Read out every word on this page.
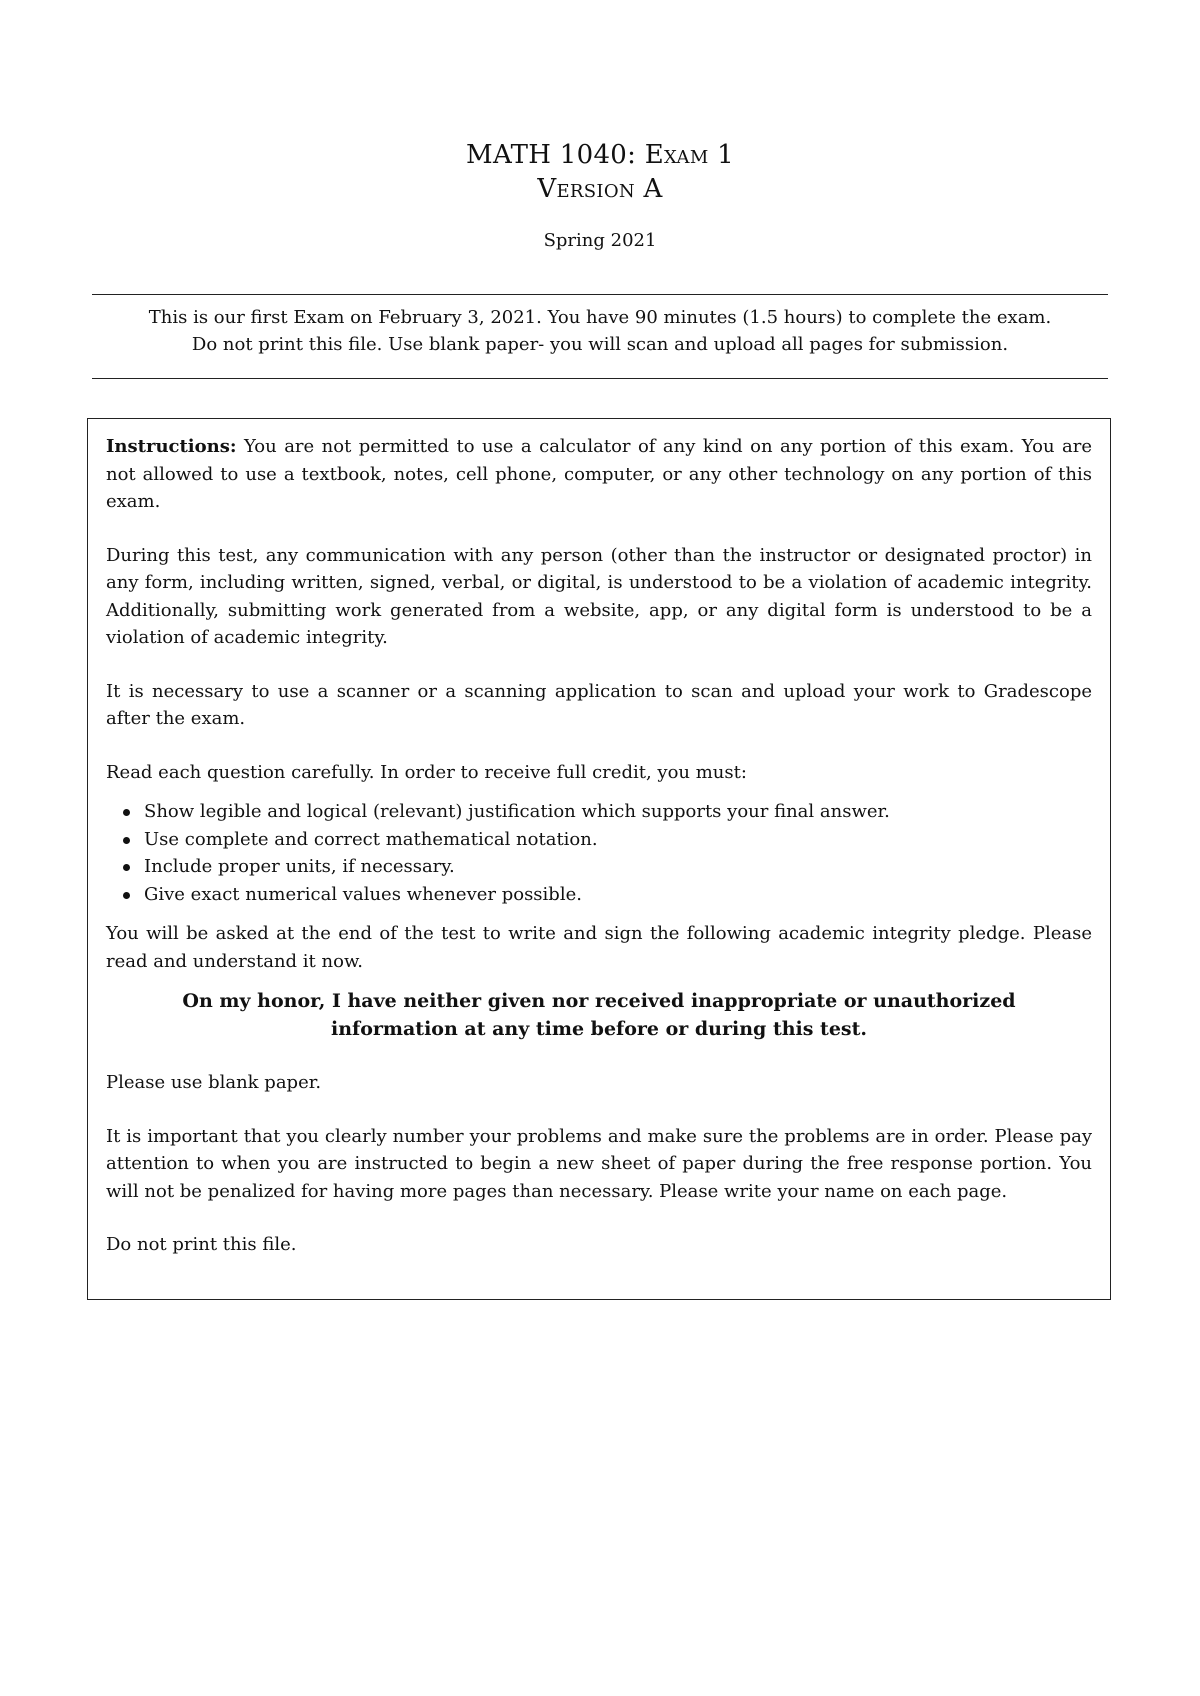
MATH 1040: Exam 1
Version A
Spring 2021
This is our first Exam on February 3, 2021. You have 90 minutes (1.5 hours) to complete the exam.
Do not print this file. Use blank paper- you will scan and upload all pages for submission.

Instructions: You are not permitted to use a calculator of any kind on any portion of this exam. You are not allowed to use a textbook, notes, cell phone, computer, or any other technology on any portion of this exam.

During this test, any communication with any person (other than the instructor or designated proctor) in any form, including written, signed, verbal, or digital, is understood to be a violation of academic integrity. Additionally, submitting work generated from a website, app, or any digital form is understood to be a violation of academic integrity.

It is necessary to use a scanner or a scanning application to scan and upload your work to Gradescope after the exam.

Read each question carefully. In order to receive full credit, you must:

Show legible and logical (relevant) justification which supports your final answer.
Use complete and correct mathematical notation.
Include proper units, if necessary.
Give exact numerical values whenever possible.

You will be asked at the end of the test to write and sign the following academic integrity pledge. Please read and understand it now.

On my honor, I have neither given nor received inappropriate or unauthorized information at any time before or during this test.

Please use blank paper.

It is important that you clearly number your problems and make sure the problems are in order. Please pay attention to when you are instructed to begin a new sheet of paper during the free response portion. You will not be penalized for having more pages than necessary. Please write your name on each page.

Do not print this file.
